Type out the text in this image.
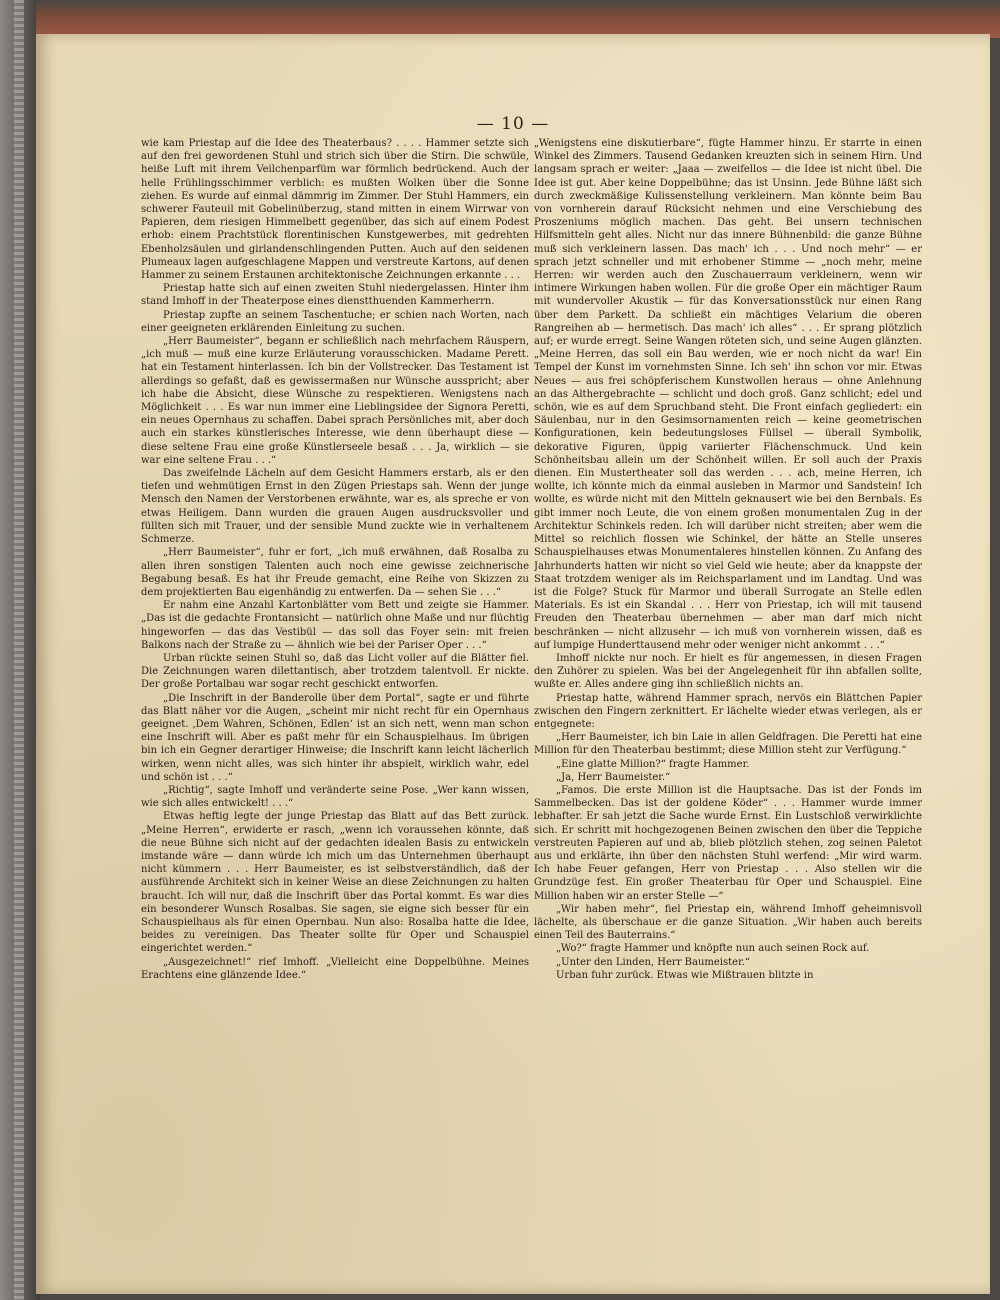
— 10 —

wie kam Priestap auf die Idee des Theaterbaus? . . . . Hammer setzte sich auf den frei gewordenen Stuhl und strich sich über die Stirn. Die schwüle, heiße Luft mit ihrem Veilchenparfüm war förmlich bedrückend. Auch der helle Frühlingsschimmer verblich: es mußten Wolken über die Sonne ziehen. Es wurde auf einmal dämmrig im Zimmer. Der Stuhl Hammers, ein schwerer Fauteuil mit Gobelinüberzug, stand mitten in einem Wirrwar von Papieren, dem riesigen Himmelbett gegenüber, das sich auf einem Podest erhob: einem Prachtstück florentinischen Kunstgewerbes, mit gedrehten Ebenholzsäulen und girlandenschlingenden Putten. Auch auf den seidenen Plumeaux lagen aufgeschlagene Mappen und verstreute Kartons, auf denen Hammer zu seinem Erstaunen architektonische Zeichnungen erkannte . . .

Priestap hatte sich auf einen zweiten Stuhl niedergelassen. Hinter ihm stand Imhoff in der Theaterpose eines dienstthuenden Kammerherrn.

Priestap zupfte an seinem Taschentuche; er schien nach Worten, nach einer geeigneten erklärenden Einleitung zu suchen.

„Herr Baumeister“, begann er schließlich nach mehrfachem Räuspern, „ich muß — muß eine kurze Erläuterung vorausschicken. Madame Perett. hat ein Testament hinterlassen. Ich bin der Vollstrecker. Das Testament ist allerdings so gefaßt, daß es gewissermaßen nur Wünsche ausspricht; aber ich habe die Absicht, diese Wünsche zu respektieren. Wenigstens nach Möglichkeit . . . Es war nun immer eine Lieblingsidee der Signora Peretti, ein neues Opernhaus zu schaffen. Dabei sprach Persönliches mit, aber doch auch ein starkes künstlerisches Interesse, wie denn überhaupt diese — diese seltene Frau eine große Künstlerseele besaß . . . Ja, wirklich — sie war eine seltene Frau . . .“

Das zweifelnde Lächeln auf dem Gesicht Hammers erstarb, als er den tiefen und wehmütigen Ernst in den Zügen Priestaps sah. Wenn der junge Mensch den Namen der Verstorbenen erwähnte, war es, als spreche er von etwas Heiligem. Dann wurden die grauen Augen ausdrucksvoller und füllten sich mit Trauer, und der sensible Mund zuckte wie in verhaltenem Schmerze.

„Herr Baumeister“, fuhr er fort, „ich muß erwähnen, daß Rosalba zu allen ihren sonstigen Talenten auch noch eine gewisse zeichnerische Begabung besaß. Es hat ihr Freude gemacht, eine Reihe von Skizzen zu dem projektierten Bau eigenhändig zu entwerfen. Da — sehen Sie . . .“

Er nahm eine Anzahl Kartonblätter vom Bett und zeigte sie Hammer. „Das ist die gedachte Frontansicht — natürlich ohne Maße und nur flüchtig hingeworfen — das das Vestibül — das soll das Foyer sein: mit freien Balkons nach der Straße zu — ähnlich wie bei der Pariser Oper . . .“

Urban rückte seinen Stuhl so, daß das Licht voller auf die Blätter fiel. Die Zeichnungen waren dilettantisch, aber trotzdem talentvoll. Er nickte. Der große Portalbau war sogar recht geschickt entworfen.

„Die Inschrift in der Banderolle über dem Portal“, sagte er und führte das Blatt näher vor die Augen, „scheint mir nicht recht für ein Opernhaus geeignet. ‚Dem Wahren, Schönen, Edlen‘ ist an sich nett, wenn man schon eine Inschrift will. Aber es paßt mehr für ein Schauspielhaus. Im übrigen bin ich ein Gegner derartiger Hinweise; die Inschrift kann leicht lächerlich wirken, wenn nicht alles, was sich hinter ihr abspielt, wirklich wahr, edel und schön ist . . .“

„Richtig“, sagte Imhoff und veränderte seine Pose. „Wer kann wissen, wie sich alles entwickelt! . . .“

Etwas heftig legte der junge Priestap das Blatt auf das Bett zurück. „Meine Herren“, erwiderte er rasch, „wenn ich voraussehen könnte, daß die neue Bühne sich nicht auf der gedachten idealen Basis zu entwickeln imstande wäre — dann würde ich mich um das Unternehmen überhaupt nicht kümmern . . . Herr Baumeister, es ist selbstverständlich, daß der ausführende Architekt sich in keiner Weise an diese Zeichnungen zu halten braucht. Ich will nur, daß die Inschrift über das Portal kommt. Es war dies ein besonderer Wunsch Rosalbas. Sie sagen, sie eigne sich besser für ein Schauspielhaus als für einen Opernbau. Nun also: Rosalba hatte die Idee, beides zu vereinigen. Das Theater sollte für Oper und Schauspiel eingerichtet werden.“

„Ausgezeichnet!“ rief Imhoff. „Vielleicht eine Doppelbühne. Meines Erachtens eine glänzende Idee.“

„Wenigstens eine diskutierbare“, fügte Hammer hinzu. Er starrte in einen Winkel des Zimmers. Tausend Gedanken kreuzten sich in seinem Hirn. Und langsam sprach er weiter: „Jaaa — zweifellos — die Idee ist nicht übel. Die Idee ist gut. Aber keine Doppelbühne; das ist Unsinn. Jede Bühne läßt sich durch zweckmäßige Kulissenstellung verkleinern. Man könnte beim Bau von vornherein darauf Rücksicht nehmen und eine Verschiebung des Proszeniums möglich machen. Das geht. Bei unsern technischen Hilfsmitteln geht alles. Nicht nur das innere Bühnenbild: die ganze Bühne muß sich verkleinern lassen. Das mach' ich . . . Und noch mehr“ — er sprach jetzt schneller und mit erhobener Stimme — „noch mehr, meine Herren: wir werden auch den Zuschauerraum verkleinern, wenn wir intimere Wirkungen haben wollen. Für die große Oper ein mächtiger Raum mit wundervoller Akustik — für das Konversationsstück nur einen Rang über dem Parkett. Da schließt ein mächtiges Velarium die oberen Rangreihen ab — hermetisch. Das mach' ich alles“ . . . Er sprang plötzlich auf; er wurde erregt. Seine Wangen röteten sich, und seine Augen glänzten. „Meine Herren, das soll ein Bau werden, wie er noch nicht da war! Ein Tempel der Kunst im vornehmsten Sinne. Ich seh' ihn schon vor mir. Etwas Neues — aus frei schöpferischem Kunstwollen heraus — ohne Anlehnung an das Althergebrachte — schlicht und doch groß. Ganz schlicht; edel und schön, wie es auf dem Spruchband steht. Die Front einfach gegliedert: ein Säulenbau, nur in den Gesimsornamenten reich — keine geometrischen Konfigurationen, kein bedeutungsloses Füllsel — überall Symbolik, dekorative Figuren, üppig variierter Flächenschmuck. Und kein Schönheitsbau allein um der Schönheit willen. Er soll auch der Praxis dienen. Ein Mustertheater soll das werden . . . ach, meine Herren, ich wollte, ich könnte mich da einmal ausleben in Marmor und Sandstein! Ich wollte, es würde nicht mit den Mitteln geknausert wie bei den Bernbals. Es gibt immer noch Leute, die von einem großen monumentalen Zug in der Architektur Schinkels reden. Ich will darüber nicht streiten; aber wem die Mittel so reichlich flossen wie Schinkel, der hätte an Stelle unseres Schauspielhauses etwas Monumentaleres hinstellen können. Zu Anfang des Jahrhunderts hatten wir nicht so viel Geld wie heute; aber da knappste der Staat trotzdem weniger als im Reichsparlament und im Landtag. Und was ist die Folge? Stuck für Marmor und überall Surrogate an Stelle edlen Materials. Es ist ein Skandal . . . Herr von Priestap, ich will mit tausend Freuden den Theaterbau übernehmen — aber man darf mich nicht beschränken — nicht allzusehr — ich muß von vornherein wissen, daß es auf lumpige Hunderttausend mehr oder weniger nicht ankommt . . .“

Imhoff nickte nur noch. Er hielt es für angemessen, in diesen Fragen den Zuhörer zu spielen. Was bei der Angelegenheit für ihn abfallen sollte, wußte er. Alles andere ging ihn schließlich nichts an.

Priestap hatte, während Hammer sprach, nervös ein Blättchen Papier zwischen den Fingern zerknittert. Er lächelte wieder etwas verlegen, als er entgegnete:

„Herr Baumeister, ich bin Laie in allen Geldfragen. Die Peretti hat eine Million für den Theaterbau bestimmt; diese Million steht zur Verfügung.“

„Eine glatte Million?“ fragte Hammer.

„Ja, Herr Baumeister.“

„Famos. Die erste Million ist die Hauptsache. Das ist der Fonds im Sammelbecken. Das ist der goldene Köder“ . . . Hammer wurde immer lebhafter. Er sah jetzt die Sache wurde Ernst. Ein Lustschloß verwirklichte sich. Er schritt mit hochgezogenen Beinen zwischen den über die Teppiche verstreuten Papieren auf und ab, blieb plötzlich stehen, zog seinen Paletot aus und erklärte, ihn über den nächsten Stuhl werfend: „Mir wird warm. Ich habe Feuer gefangen, Herr von Priestap . . . Also stellen wir die Grundzüge fest. Ein großer Theaterbau für Oper und Schauspiel. Eine Million haben wir an erster Stelle —“

„Wir haben mehr“, fiel Priestap ein, während Imhoff geheimnisvoll lächelte, als überschaue er die ganze Situation. „Wir haben auch bereits einen Teil des Bauterrains.“

„Wo?“ fragte Hammer und knöpfte nun auch seinen Rock auf.

„Unter den Linden, Herr Baumeister.“

Urban fuhr zurück. Etwas wie Mißtrauen blitzte in
